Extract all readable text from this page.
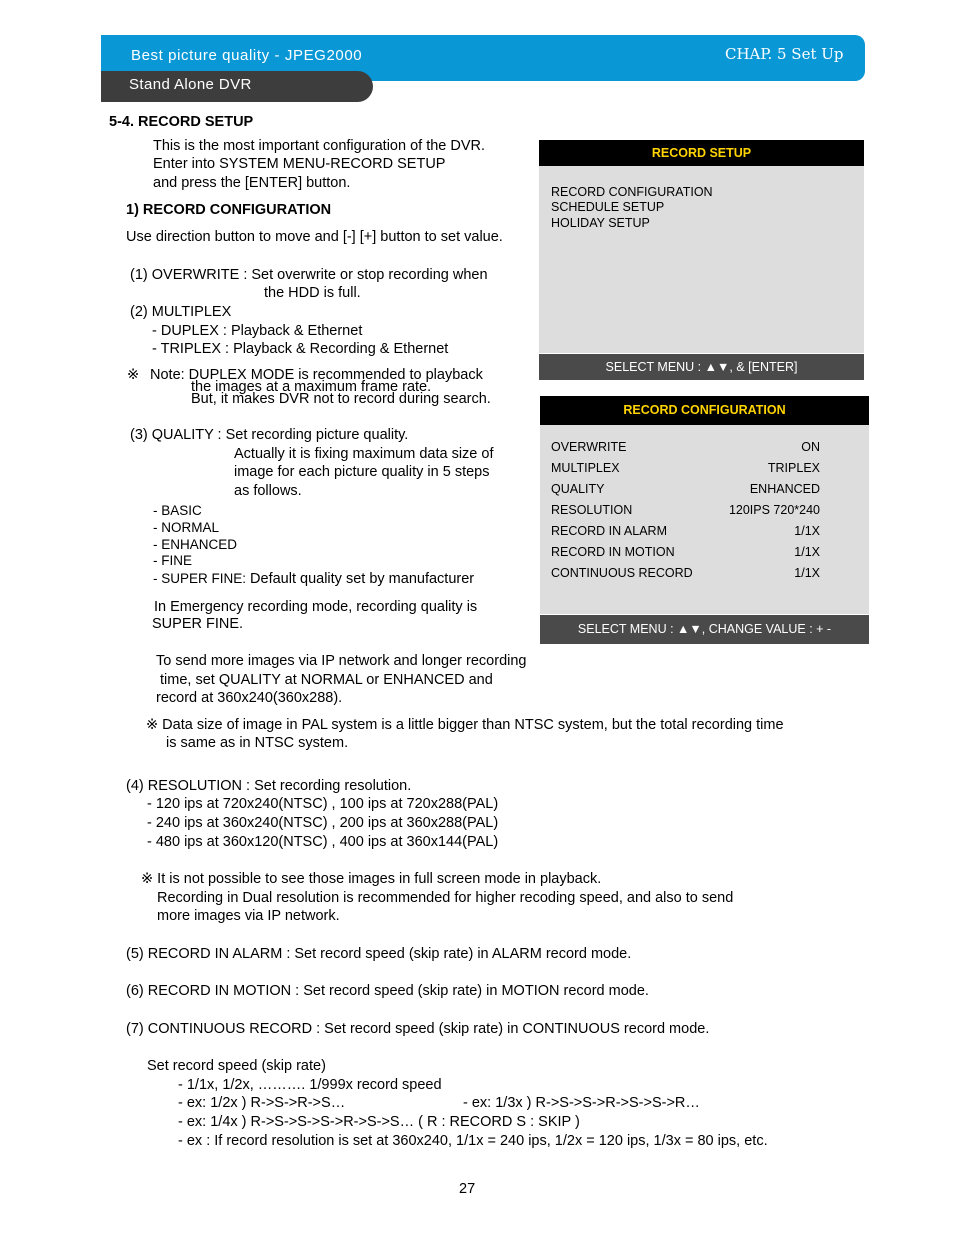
Best picture quality - JPEG2000
Stand Alone DVR
CHAP. 5 Set Up
5-4. RECORD SETUP
This is the most important configuration of the DVR.
Enter into SYSTEM MENU-RECORD SETUP
and press the [ENTER] button.
1) RECORD CONFIGURATION
Use direction button to move and [-] [+] button to set value.
(1) OVERWRITE : Set overwrite or stop recording when
the HDD is full.
(2) MULTIPLEX
- DUPLEX : Playback & Ethernet
- TRIPLEX : Playback & Recording & Ethernet
※ Note: DUPLEX MODE is recommended to playback
the images at a maximum frame rate.
But, it makes DVR not to record during search.
(3) QUALITY : Set recording picture quality.
Actually it is fixing maximum data size of
image for each picture quality in 5 steps
as follows.
- BASIC
- NORMAL
- ENHANCED
- FINE
- SUPER FINE: Default quality set by manufacturer
In Emergency recording mode, recording quality is
SUPER FINE.
To send more images via IP network and longer recording
time, set QUALITY at NORMAL or ENHANCED and
record at 360x240(360x288).
※ Data size of image in PAL system is a little bigger than NTSC system, but the total recording time
is same as in NTSC system.
(4) RESOLUTION : Set recording resolution.
- 120 ips at 720x240(NTSC) , 100 ips at 720x288(PAL)
- 240 ips at 360x240(NTSC) , 200 ips at 360x288(PAL)
- 480 ips at 360x120(NTSC) , 400 ips at 360x144(PAL)
※ It is not possible to see those images in full screen mode in playback.
Recording in Dual resolution is recommended for higher recoding speed, and also to send
more images via IP network.
(5) RECORD IN ALARM : Set record speed (skip rate) in ALARM record mode.
(6) RECORD IN MOTION : Set record speed (skip rate) in MOTION record mode.
(7) CONTINUOUS RECORD : Set record speed (skip rate) in CONTINUOUS record mode.
Set record speed (skip rate)
- 1/1x, 1/2x, ………. 1/999x record speed
- ex: 1/2x ) R->S->R->S…	- ex: 1/3x ) R->S->S->R->S->S->R…
- ex: 1/4x ) R->S->S->S->R->S->S… ( R : RECORD S : SKIP )
- ex : If record resolution is set at 360x240, 1/1x = 240 ips, 1/2x = 120 ips, 1/3x = 80 ips, etc.
27
RECORD SETUP
RECORD CONFIGURATION
SCHEDULE SETUP
HOLIDAY SETUP
SELECT MENU : ▲▼, & [ENTER]
RECORD CONFIGURATION
OVERWRITE	ON
MULTIPLEX	TRIPLEX
QUALITY	ENHANCED
RESOLUTION	120IPS 720*240
RECORD IN ALARM	1/1X
RECORD IN MOTION	1/1X
CONTINUOUS RECORD	1/1X
SELECT MENU : ▲▼, CHANGE VALUE : + -
